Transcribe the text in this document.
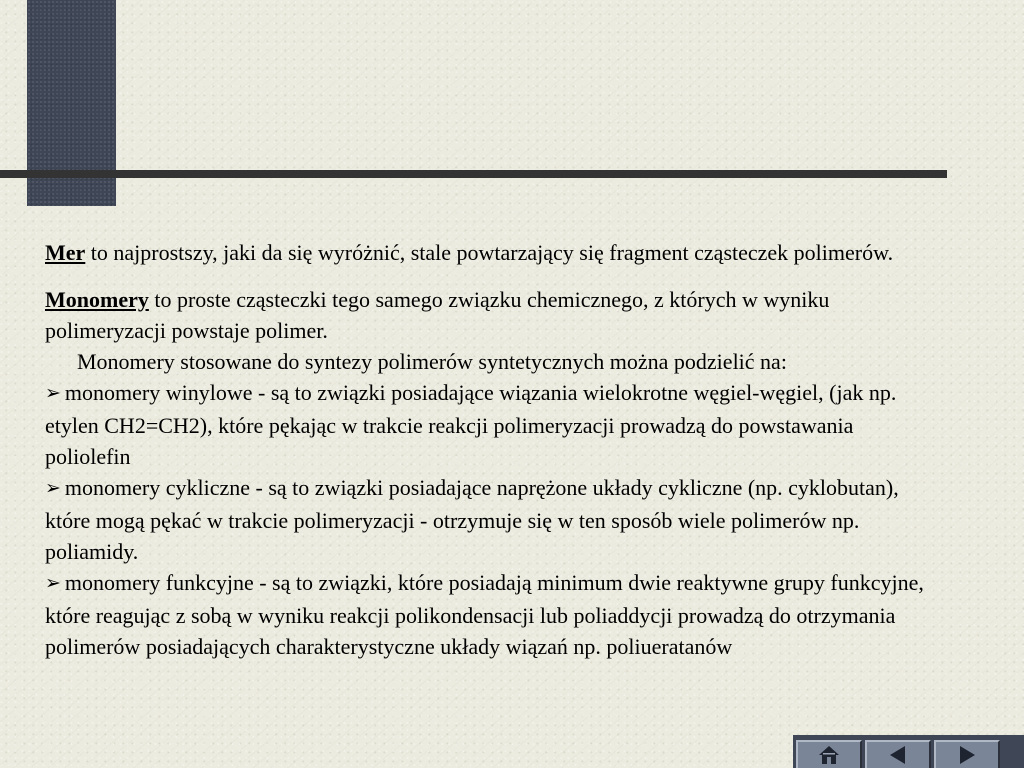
Mer to najprostszy, jaki da się wyróżnić, stale powtarzający się fragment cząsteczek polimerów.

Monomery to proste cząsteczki tego samego związku chemicznego, z których w wyniku polimeryzacji powstaje polimer.

Monomery stosowane do syntezy polimerów syntetycznych można podzielić na:

➢ monomery winylowe - są to związki posiadające wiązania wielokrotne węgiel-węgiel, (jak np. etylen CH2=CH2), które pękając w trakcie reakcji polimeryzacji prowadzą do powstawania poliolefin

➢ monomery cykliczne - są to związki posiadające naprężone układy cykliczne (np. cyklobutan), które mogą pękać w trakcie polimeryzacji - otrzymuje się w ten sposób wiele polimerów np. poliamidy.

➢ monomery funkcyjne - są to związki, które posiadają minimum dwie reaktywne grupy funkcyjne, które reagując z sobą w wyniku reakcji polikondensacji lub poliaddycji prowadzą do otrzymania polimerów posiadających charakterystyczne układy wiązań np. poliueratanów
